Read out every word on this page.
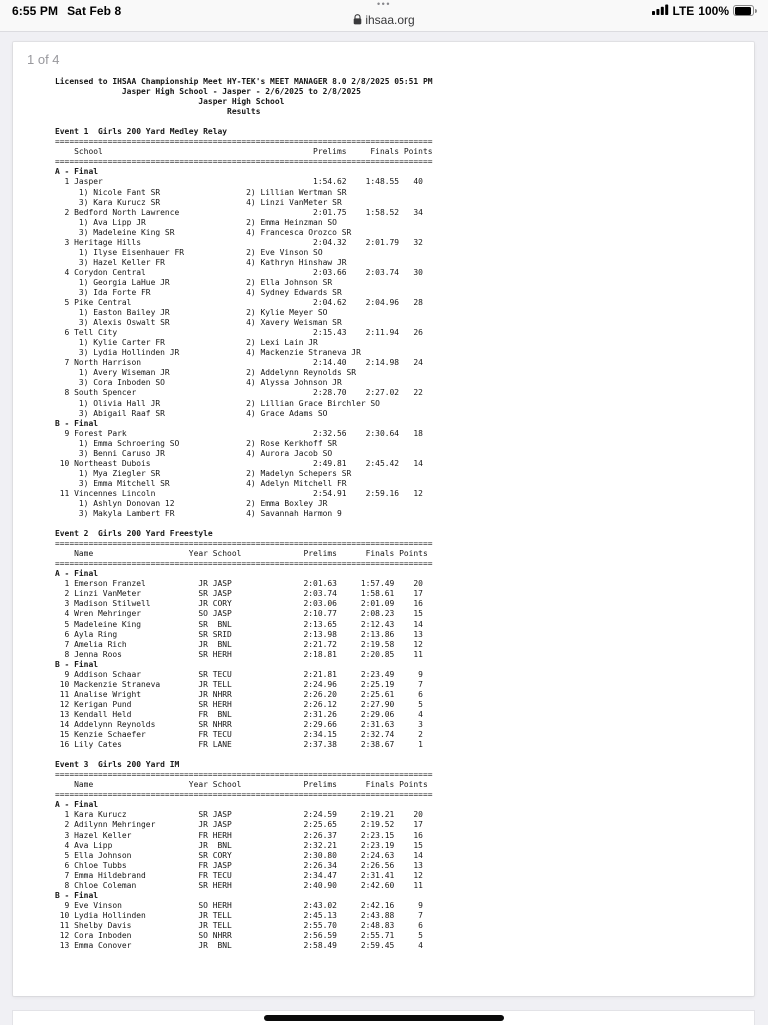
6:55 PM Sat Feb 8	•••
ihsaa.org
LTE 100%
1 of 4
Licensed to IHSAA Championship Meet HY-TEK's MEET MANAGER 8.0 2/8/2025 05:51 PM
Jasper High School - Jasper - 2/6/2025 to 2/8/2025
Jasper High School
Results

Event 1  Girls 200 Yard Medley Relay
===============================================================================
School                                            Prelims     Finals Points
===============================================================================
A - Final
1 Jasper                                            1:54.62    1:48.55   40
1) Nicole Fant SR                  2) Lillian Wertman SR
3) Kara Kurucz SR                  4) Linzi VanMeter SR
2 Bedford North Lawrence                            2:01.75    1:58.52   34
1) Ava Lipp JR                     2) Emma Heinzman SO
3) Madeleine King SR               4) Francesca Orozco SR
3 Heritage Hills                                    2:04.32    2:01.79   32
1) Ilyse Eisenhauer FR             2) Eve Vinson SO
3) Hazel Keller FR                 4) Kathryn Hinshaw JR
4 Corydon Central                                   2:03.66    2:03.74   30
1) Georgia LaHue JR                2) Ella Johnson SR
3) Ida Forte FR                    4) Sydney Edwards SR
5 Pike Central                                      2:04.62    2:04.96   28
1) Easton Bailey JR                2) Kylie Meyer SO
3) Alexis Oswalt SR                4) Xavery Weisman SR
6 Tell City                                         2:15.43    2:11.94   26
1) Kylie Carter FR                 2) Lexi Lain JR
3) Lydia Hollinden JR              4) Mackenzie Straneva JR
7 North Harrison                                    2:14.40    2:14.98   24
1) Avery Wiseman JR                2) Addelynn Reynolds SR
3) Cora Inboden SO                 4) Alyssa Johnson JR
8 South Spencer                                     2:28.70    2:27.02   22
1) Olivia Hall JR                  2) Lillian Grace Birchler SO
3) Abigail Raaf SR                 4) Grace Adams SO
B - Final
9 Forest Park                                       2:32.56    2:30.64   18
1) Emma Schroering SO              2) Rose Kerkhoff SR
3) Benni Caruso JR                 4) Aurora Jacob SO
10 Northeast Dubois                                  2:49.81    2:45.42   14
1) Mya Ziegler SR                  2) Madelyn Schepers SR
3) Emma Mitchell SR                4) Adelyn Mitchell FR
11 Vincennes Lincoln                                 2:54.91    2:59.16   12
1) Ashlyn Donovan 12               2) Emma Boxley JR
3) Makyla Lambert FR               4) Savannah Harmon 9

Event 2  Girls 200 Yard Freestyle
===============================================================================
Name                    Year School             Prelims      Finals Points
===============================================================================
A - Final
1 Emerson Franzel           JR JASP               2:01.63     1:57.49    20
2 Linzi VanMeter            SR JASP               2:03.74     1:58.61    17
3 Madison Stilwell          JR CORY               2:03.06     2:01.09    16
4 Wren Mehringer            SO JASP               2:10.77     2:08.23    15
5 Madeleine King            SR  BNL               2:13.65     2:12.43    14
6 Ayla Ring                 SR SRID               2:13.98     2:13.86    13
7 Amelia Rich               JR  BNL               2:21.72     2:19.58    12
8 Jenna Roos                SR HERH               2:18.81     2:20.85    11
B - Final
9 Addison Schaar            SR TECU               2:21.81     2:23.49     9
10 Mackenzie Straneva        JR TELL               2:24.96     2:25.19     7
11 Analise Wright            JR NHRR               2:26.20     2:25.61     6
12 Kerigan Pund              SR HERH               2:26.12     2:27.90     5
13 Kendall Held              FR  BNL               2:31.26     2:29.06     4
14 Addelynn Reynolds         SR NHRR               2:29.66     2:31.63     3
15 Kenzie Schaefer           FR TECU               2:34.15     2:32.74     2
16 Lily Cates                FR LANE               2:37.38     2:38.67     1

Event 3  Girls 200 Yard IM
===============================================================================
Name                    Year School             Prelims      Finals Points
===============================================================================
A - Final
1 Kara Kurucz               SR JASP               2:24.59     2:19.21    20
2 Adilynn Mehringer         JR JASP               2:25.65     2:19.52    17
3 Hazel Keller              FR HERH               2:26.37     2:23.15    16
4 Ava Lipp                  JR  BNL               2:32.21     2:23.19    15
5 Ella Johnson              SR CORY               2:30.80     2:24.63    14
6 Chloe Tubbs               FR JASP               2:26.34     2:26.56    13
7 Emma Hildebrand           FR TECU               2:34.47     2:31.41    12
8 Chloe Coleman             SR HERH               2:40.90     2:42.60    11
B - Final
9 Eve Vinson                SO HERH               2:43.02     2:42.16     9
10 Lydia Hollinden           JR TELL               2:45.13     2:43.88     7
11 Shelby Davis              JR TELL               2:55.70     2:48.83     6
12 Cora Inboden              SO NHRR               2:56.59     2:55.71     5
13 Emma Conover              JR  BNL               2:58.49     2:59.45     4
